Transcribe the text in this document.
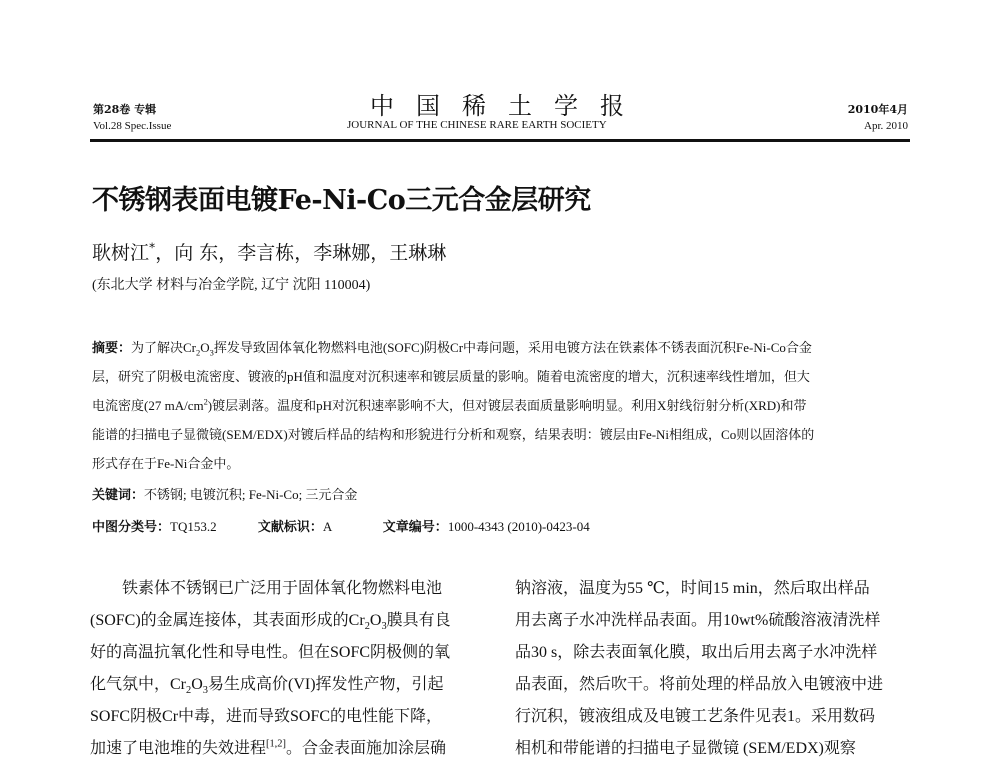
第28卷 专辑
Vol.28 Spec.Issue
中国稀土学报
JOURNAL OF THE CHINESE RARE EARTH SOCIETY
2010年4月
Apr. 2010
不锈钢表面电镀Fe-Ni-Co三元合金层研究
耿树江*，向 东，李言栋，李琳娜，王琳琳
(东北大学 材料与冶金学院, 辽宁 沈阳 110004)
摘要：为了解决$Cr_2O_3$挥发导致固体氧化物燃料电池(SOFC)阴极Cr中毒问题，采用电镀方法在铁素体不锈表面沉积Fe-Ni-Co合金
层，研究了阴极电流密度、镀液的pH值和温度对沉积速率和镀层质量的影响。随着电流密度的增大，沉积速率线性增加，但大
电流密度(27 $mA/cm^2$)镀层剥落。温度和pH对沉积速率影响不大，但对镀层表面质量影响明显。利用X射线衍射分析(XRD)和带
能谱的扫描电子显微镜(SEM/EDX)对镀后样品的结构和形貌进行分析和观察，结果表明：镀层由Fe-Ni相组成，Co则以固溶体的
形式存在于Fe-Ni合金中。
关键词：不锈钢; 电镀沉积; Fe-Ni-Co; 三元合金
中图分类号：TQ153.2	文献标识：A	文章编号：1000-4343 (2010)-0423-04
　　铁素体不锈钢已广泛用于固体氧化物燃料电池
(SOFC)的金属连接体，其表面形成的$Cr_2O_3$膜具有良
好的高温抗氧化性和导电性。但在SOFC阴极侧的氧
化气氛中，$Cr_2O_3$易生成高价(VI)挥发性产物，引起
SOFC阴极Cr中毒，进而导致SOFC的电性能下降，
加速了电池堆的失效进程[1,2]。合金表面施加涂层确
钠溶液，温度为55 ℃，时间15 min，然后取出样品
用去离子水冲洗样品表面。用10wt%硫酸溶液清洗样
品30 s，除去表面氧化膜，取出后用去离子水冲洗样
品表面，然后吹干。将前处理的样品放入电镀液中进
行沉积，镀液组成及电镀工艺条件见表1。采用数码
相机和带能谱的扫描电子显微镜 (SEM/EDX)观察
